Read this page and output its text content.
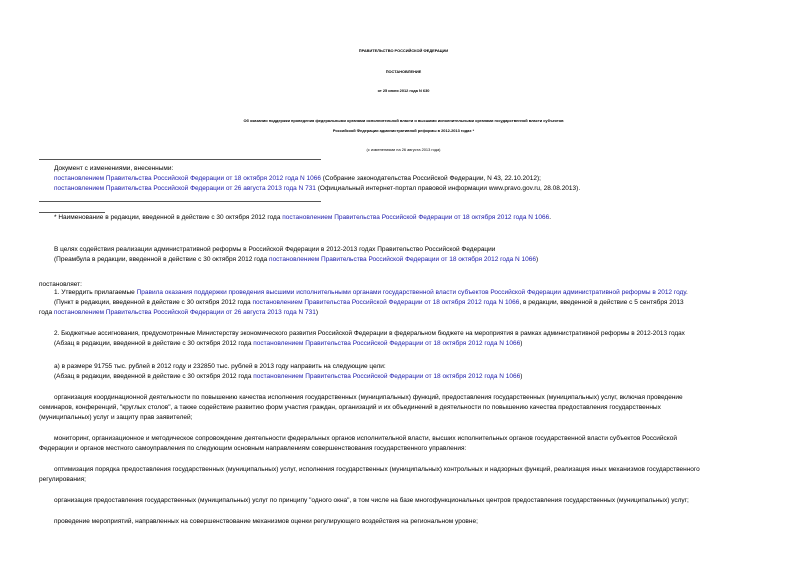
ПРАВИТЕЛЬСТВО РОССИЙСКОЙ ФЕДЕРАЦИИ
ПОСТАНОВЛЕНИЕ
от 25 июня 2012 года N 630
Об оказании поддержки проведения федеральными органами исполнительной власти и высшими исполнительными органами государственной власти субъектов
Российской Федерации административной реформы в 2012-2013 годах *
(с изменениями на 26 августа 2013 года)
Документ с изменениями, внесенными:
постановлением Правительства Российской Федерации от 18 октября 2012 года N 1066 (Собрание законодательства Российской Федерации, N 43, 22.10.2012);
постановлением Правительства Российской Федерации от 26 августа 2013 года N 731 (Официальный интернет-портал правовой информации www.pravo.gov.ru, 28.08.2013).
* Наименование в редакции, введенной в действие с 30 октября 2012 года постановлением Правительства Российской Федерации от 18 октября 2012 года N 1066.
В целях содействия реализации административной реформы в Российской Федерации в 2012-2013 годах Правительство Российской Федерации
(Преамбула в редакции, введенной в действие с 30 октября 2012 года постановлением Правительства Российской Федерации от 18 октября 2012 года N 1066)
постановляет:
1. Утвердить прилагаемые Правила оказания поддержки проведения высшими исполнительными органами государственной власти субъектов Российской Федерации административной реформы в 2012 году.
(Пункт в редакции, введенной в действие с 30 октября 2012 года постановлением Правительства Российской Федерации от 18 октября 2012 года N 1066, в редакции, введенной в действие с 5 сентября 2013
года постановлением Правительства Российской Федерации от 26 августа 2013 года N 731)
2. Бюджетные ассигнования, предусмотренные Министерству экономического развития Российской Федерации в федеральном бюджете на мероприятия в рамках административной реформы в 2012-2013 годах
(Абзац в редакции, введенной в действие с 30 октября 2012 года постановлением Правительства Российской Федерации от 18 октября 2012 года N 1066)
а) в размере 91755 тыс. рублей в 2012 году и 232850 тыс. рублей в 2013 году направить на следующие цели:
(Абзац в редакции, введенной в действие с 30 октября 2012 года постановлением Правительства Российской Федерации от 18 октября 2012 года N 1066)
организация координационной деятельности по повышению качества исполнения государственных (муниципальных) функций, предоставления государственных (муниципальных) услуг, включая проведение
семинаров, конференций, "круглых столов", а также содействие развитию форм участия граждан, организаций и их объединений в деятельности по повышению качества предоставления государственных
(муниципальных) услуг и защиту прав заявителей;
мониторинг, организационное и методическое сопровождение деятельности федеральных органов исполнительной власти, высших исполнительных органов государственной власти субъектов Российской
Федерации и органов местного самоуправления по следующим основным направлениям совершенствования государственного управления:
оптимизация порядка предоставления государственных (муниципальных) услуг, исполнения государственных (муниципальных) контрольных и надзорных функций, реализация иных механизмов государственного
регулирования;
организация предоставления государственных (муниципальных) услуг по принципу "одного окна", в том числе на базе многофункциональных центров предоставления государственных (муниципальных) услуг;
проведение мероприятий, направленных на совершенствование механизмов оценки регулирующего воздействия на региональном уровне;
